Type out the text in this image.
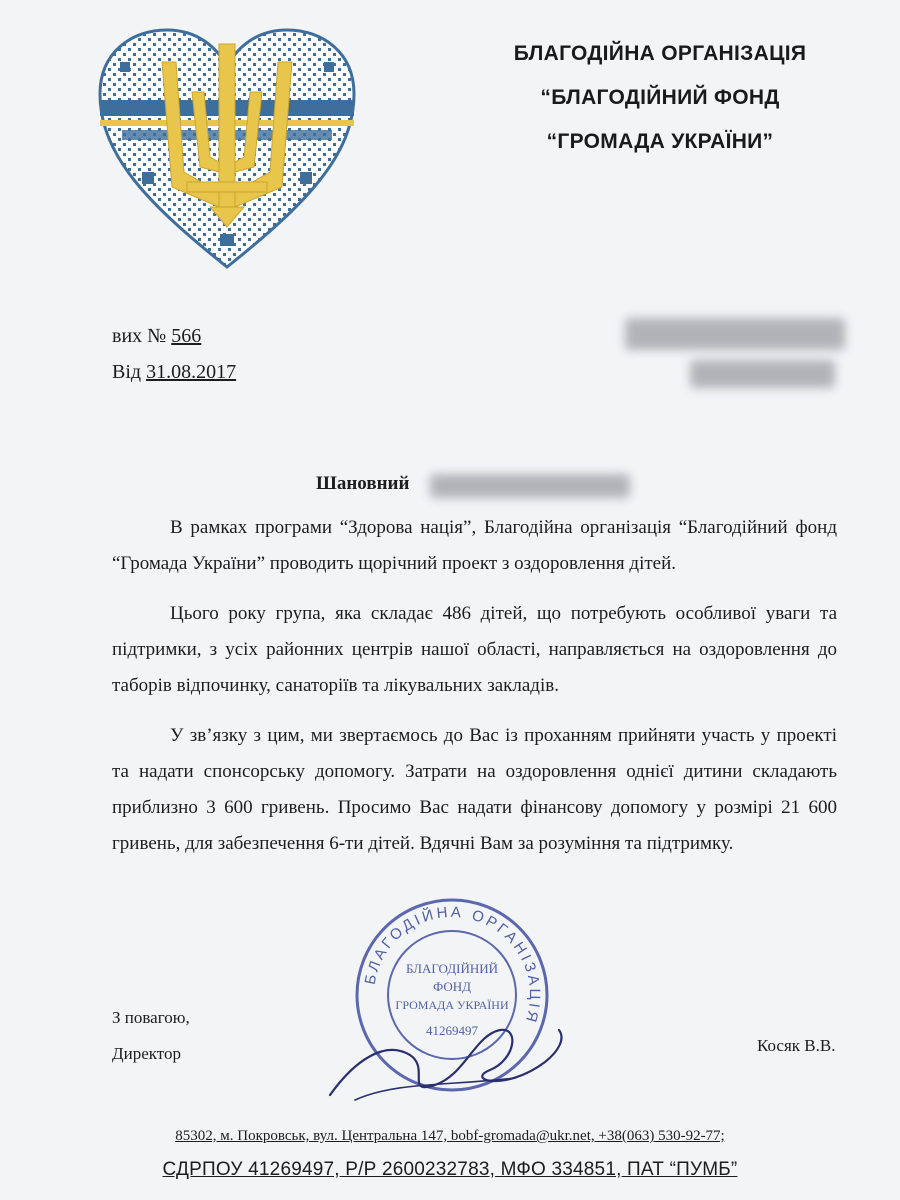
БЛАГОДІЙНА ОРГАНІЗАЦІЯ
“БЛАГОДІЙНИЙ ФОНД
“ГРОМАДА УКРАЇНИ”
вих № 566
Від 31.08.2017
Шановний

В рамках програми “Здорова нація”, Благодійна організація “Благодійний фонд “Громада України” проводить щорічний проект з оздоровлення дітей.

Цього року група, яка складає 486 дітей, що потребують особливої уваги та підтримки, з усіх районних центрів нашої області, направляється на оздоровлення до таборів відпочинку, санаторіїв та лікувальних закладів.

У зв’язку з цим, ми звертаємось до Вас із проханням прийняти участь у проекті та надати спонсорську допомогу. Затрати на оздоровлення однієї дитини складають приблизно 3 600 гривень. Просимо Вас надати фінансову допомогу у розмірі 21 600 гривень, для забезпечення 6-ти дітей. Вдячні Вам за розуміння та підтримку.

БЛАГОДІЙНА ОРГАНІЗАЦІЯ
БЛАГОДІЙНИЙ
ФОНД
ГРОМАДА УКРАЇНИ
41269497
З повагою,
Директор	Косяк В.В.
85302, м. Покровськ, вул. Центральна 147, bobf-gromada@ukr.net, +38(063) 530-92-77;
СДРПОУ 41269497, Р/Р 2600232783, МФО 334851, ПАТ “ПУМБ”
